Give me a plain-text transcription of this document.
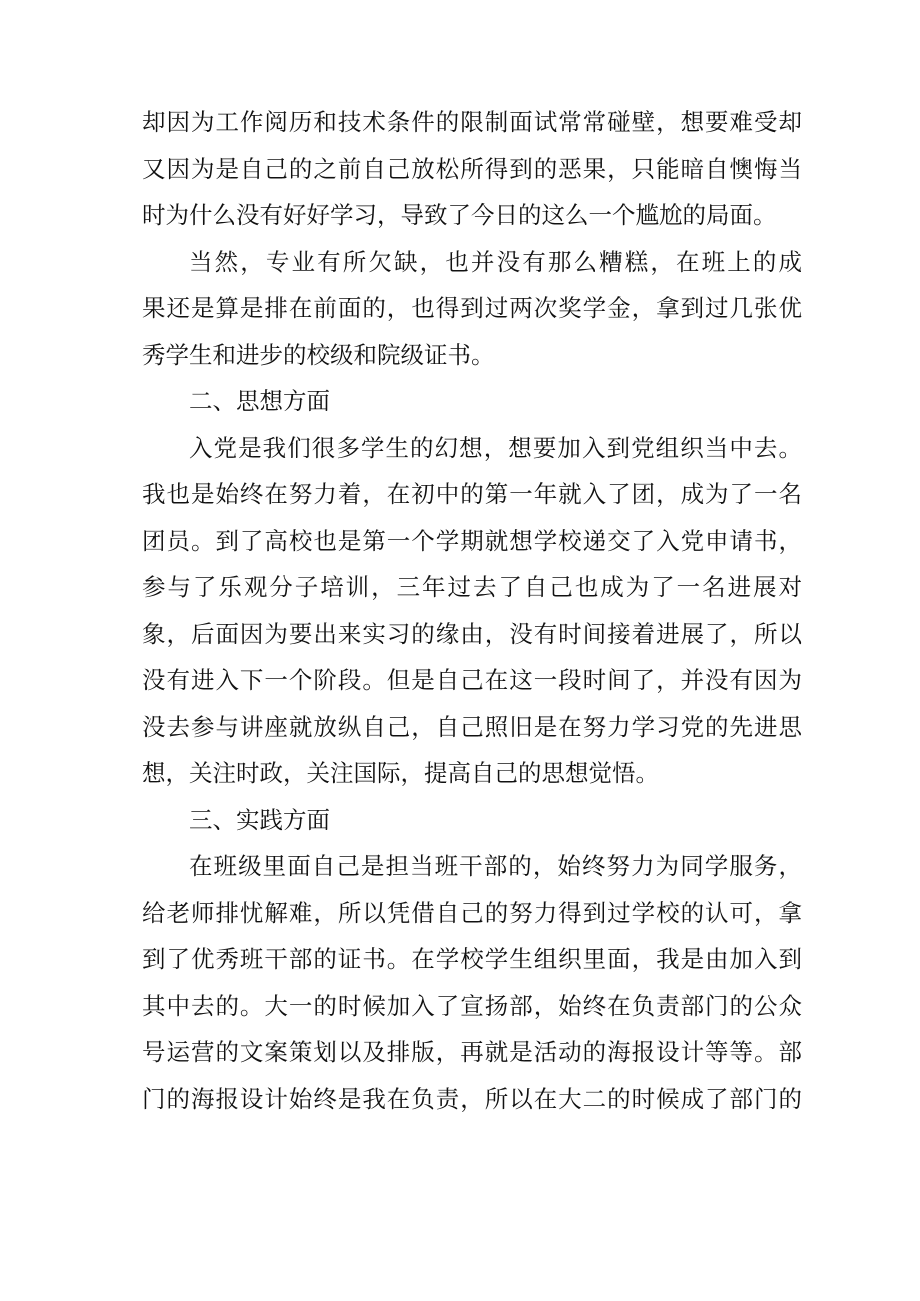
却因为工作阅历和技术条件的限制面试常常碰壁，想要难受却
又因为是自己的之前自己放松所得到的恶果，只能暗自懊悔当
时为什么没有好好学习，导致了今日的这么一个尴尬的局面。
当然，专业有所欠缺，也并没有那么糟糕，在班上的成
果还是算是排在前面的，也得到过两次奖学金，拿到过几张优
秀学生和进步的校级和院级证书。
二、思想方面
入党是我们很多学生的幻想，想要加入到党组织当中去。
我也是始终在努力着，在初中的第一年就入了团，成为了一名
团员。到了高校也是第一个学期就想学校递交了入党申请书，
参与了乐观分子培训，三年过去了自己也成为了一名进展对
象，后面因为要出来实习的缘由，没有时间接着进展了，所以
没有进入下一个阶段。但是自己在这一段时间了，并没有因为
没去参与讲座就放纵自己，自己照旧是在努力学习党的先进思
想，关注时政，关注国际，提高自己的思想觉悟。
三、实践方面
在班级里面自己是担当班干部的，始终努力为同学服务，
给老师排忧解难，所以凭借自己的努力得到过学校的认可，拿
到了优秀班干部的证书。在学校学生组织里面，我是由加入到
其中去的。大一的时候加入了宣扬部，始终在负责部门的公众
号运营的文案策划以及排版，再就是活动的海报设计等等。部
门的海报设计始终是我在负责，所以在大二的时候成了部门的
